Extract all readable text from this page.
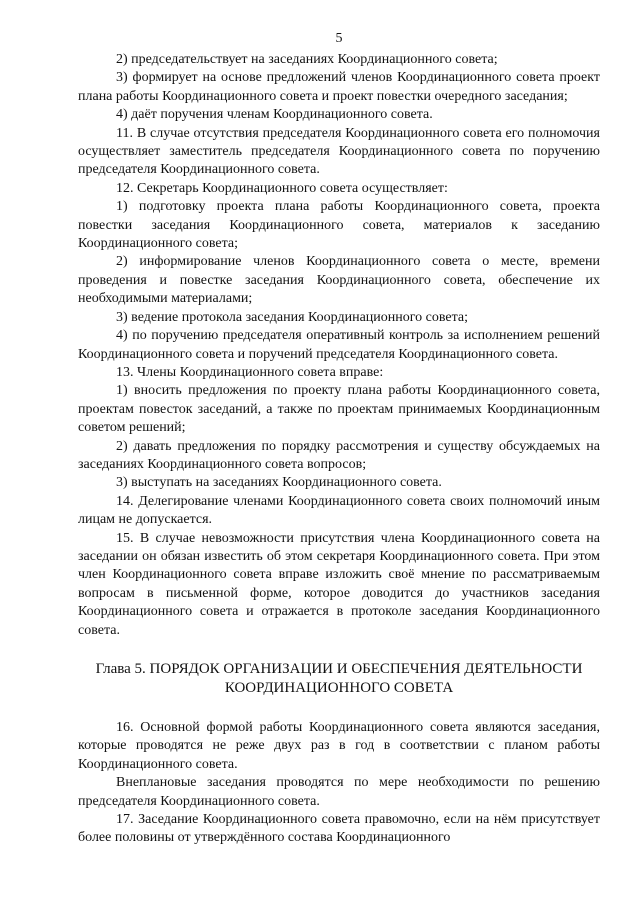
5

2) председательствует на заседаниях Координационного совета;

3) формирует на основе предложений членов Координационного совета проект плана работы Координационного совета и проект повестки очередного заседания;

4) даёт поручения членам Координационного совета.

11. В случае отсутствия председателя Координационного совета его полномочия осуществляет заместитель председателя Координационного совета по поручению председателя Координационного совета.

12. Секретарь Координационного совета осуществляет:

1) подготовку проекта плана работы Координационного совета, проекта повестки заседания Координационного совета, материалов к заседанию Координационного совета;

2) информирование членов Координационного совета о месте, времени проведения и повестке заседания Координационного совета, обеспечение их необходимыми материалами;

3) ведение протокола заседания Координационного совета;

4) по поручению председателя оперативный контроль за исполнением решений Координационного совета и поручений председателя Координационного совета.

13. Члены Координационного совета вправе:

1) вносить предложения по проекту плана работы Координационного совета, проектам повесток заседаний, а также по проектам принимаемых Координационным советом решений;

2) давать предложения по порядку рассмотрения и существу обсуждаемых на заседаниях Координационного совета вопросов;

3) выступать на заседаниях Координационного совета.

14. Делегирование членами Координационного совета своих полномочий иным лицам не допускается.

15. В случае невозможности присутствия члена Координационного совета на заседании он обязан известить об этом секретаря Координационного совета. При этом член Координационного совета вправе изложить своё мнение по рассматриваемым вопросам в письменной форме, которое доводится до участников заседания Координационного совета и отражается в протоколе заседания Координационного совета.

Глава 5. ПОРЯДОК ОРГАНИЗАЦИИ И ОБЕСПЕЧЕНИЯ ДЕЯТЕЛЬНОСТИ
КООРДИНАЦИОННОГО СОВЕТА

16. Основной формой работы Координационного совета являются заседания, которые проводятся не реже двух раз в год в соответствии с планом работы Координационного совета.

Внеплановые заседания проводятся по мере необходимости по решению председателя Координационного совета.

17. Заседание Координационного совета правомочно, если на нём присутствует более половины от утверждённого состава Координационного
